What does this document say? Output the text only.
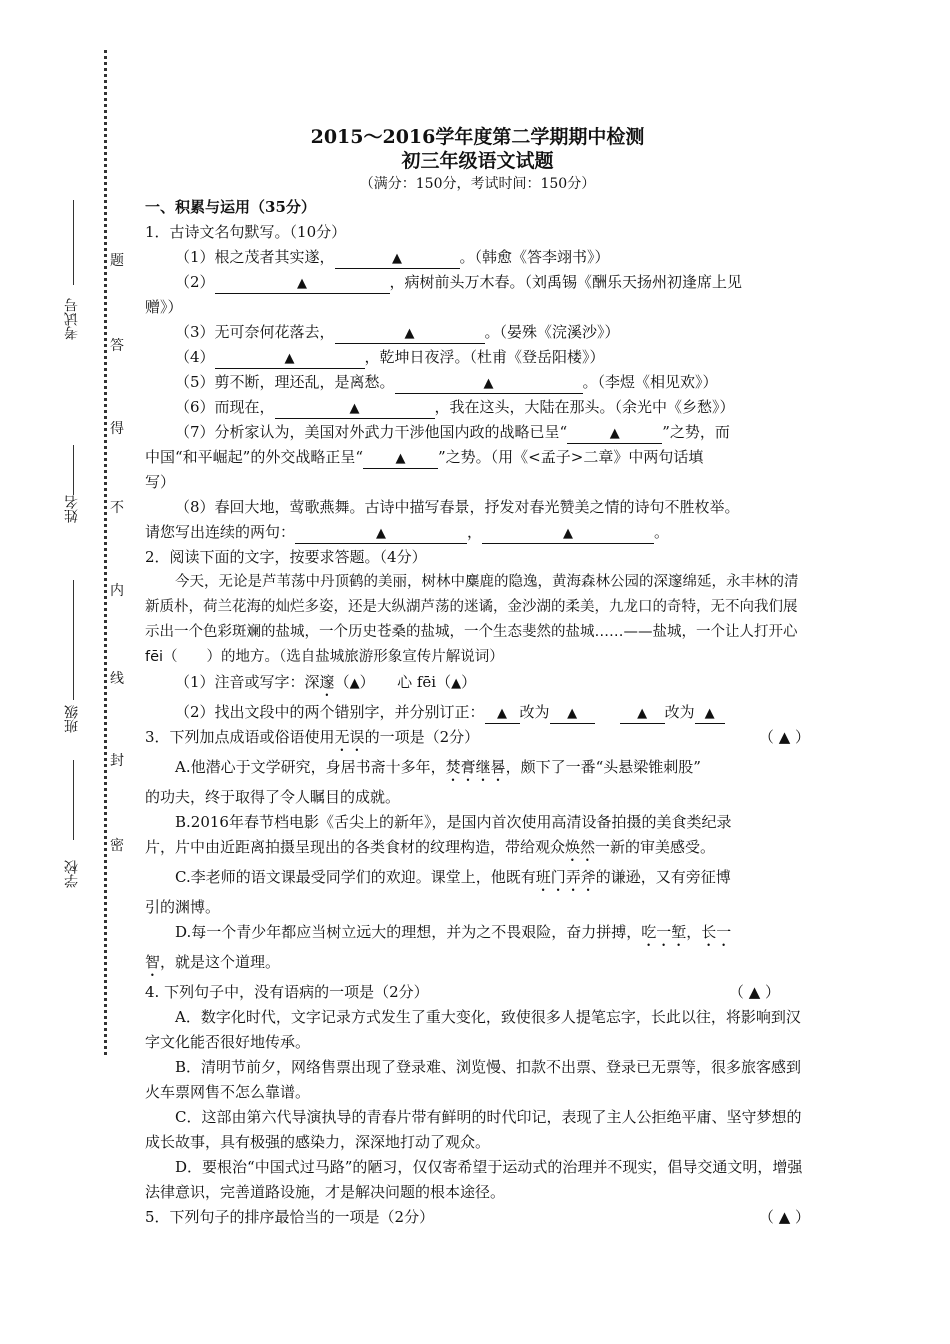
考试号
姓名
班级
学校
题
答
得
不
内
线
封
密
2015～2016学年度第二学期期中检测
初三年级语文试题
（满分：150分，考试时间：150分）
一、积累与运用（35分）
1．古诗文名句默写。（10分）
（1）根之茂者其实遂，	▲	。（韩愈《答李翊书》）
（2）	▲	，病树前头万木春。（刘禹锡《酬乐天扬州初逢席上见
赠》）
（3）无可奈何花落去，	▲	。（晏殊《浣溪沙》）
（4）	▲	，乾坤日夜浮。（杜甫《登岳阳楼》）
（5）剪不断，理还乱，是离愁。	▲	。（李煜《相见欢》）
（6）而现在，	▲	，我在这头，大陆在那头。（余光中《乡愁》）
（7）分析家认为，美国对外武力干涉他国内政的战略已呈“	▲	”之势，而
中国“和平崛起”的外交战略正呈“	▲ ”之势。（用《<孟子>二章》中两句话填
写）
（8）春回大地，莺歌燕舞。古诗中描写春景，抒发对春光赞美之情的诗句不胜枚举。
请您写出连续的两句：	▲	，	▲	。
2．阅读下面的文字，按要求答题。（4分）
今天，无论是芦苇荡中丹顶鹤的美丽，树林中麋鹿的隐逸，黄海森林公园的深邃绵延，永丰林的清新质朴，荷兰花海的灿烂多姿，还是大纵湖芦荡的迷谲，金沙湖的柔美，九龙口的奇特，无不向我们展示出一个色彩斑斓的盐城，一个历史苍桑的盐城，一个生态斐然的盐城……——盐城，一个让人打开心 fēi（　　）的地方。（选自盐城旅游形象宣传片解说词）
（1）注音或写字：深邃（▲）　　心 fēi（▲）
（2）找出文段中的两个错别字，并分别订正： ▲ 改为 ▲	▲ 改为 ▲
3．下列加点成语或俗语使用无误的一项是（2分）	（ ▲ ）
A.他潜心于文学研究，身居书斋十多年，焚膏继晷，颇下了一番“头悬梁锥刺股”
的功夫，终于取得了令人瞩目的成就。
B.2016年春节档电影《舌尖上的新年》，是国内首次使用高清设备拍摄的美食类纪录
片，片中由近距离拍摄呈现出的各类食材的纹理构造，带给观众焕然一新的审美感受。
C.李老师的语文课最受同学们的欢迎。课堂上，他既有班门弄斧的谦逊，又有旁征博
引的渊博。
D.每一个青少年都应当树立远大的理想，并为之不畏艰险，奋力拼搏，吃一堑，长一
智，就是这个道理。
4. 下列句子中，没有语病的一项是（2分）	（ ▲ ）
A．数字化时代，文字记录方式发生了重大变化，致使很多人提笔忘字，长此以往，将影响到汉字文化能否很好地传承。
B．清明节前夕，网络售票出现了登录难、浏览慢、扣款不出票、登录已无票等，很多旅客感到火车票网售不怎么靠谱。
C．这部由第六代导演执导的青春片带有鲜明的时代印记，表现了主人公拒绝平庸、坚守梦想的成长故事，具有极强的感染力，深深地打动了观众。
D．要根治“中国式过马路”的陋习，仅仅寄希望于运动式的治理并不现实，倡导交通文明，增强法律意识，完善道路设施，才是解决问题的根本途径。
5．下列句子的排序最恰当的一项是（2分）	（ ▲ ）
